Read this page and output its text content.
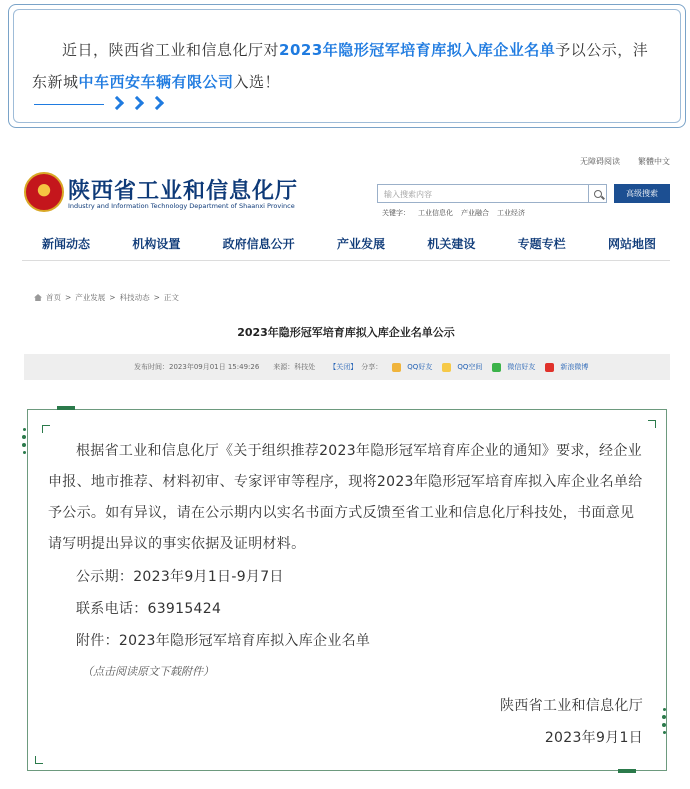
近日，陕西省工业和信息化厅对2023年隐形冠军培育库拟入库企业名单予以公示，沣东新城中车西安车辆有限公司入选！
无障碍阅读 繁體中文
陕西省工业和信息化厅
Industry and Information Technology Department of Shaanxi Province
输入搜索内容	高级搜索
关键字： 工业信息化 产业融合 工业经济
新闻动态	机构设置	政府信息公开	产业发展	机关建设	专题专栏	网站地图
首页 > 产业发展 > 科技动态 > 正文
2023年隐形冠军培育库拟入库企业名单公示
发布时间：2023年09月01日 15:49:26 来源：科技处 【关闭】 分享：	QQ好友	QQ空间	微信好友	新浪微博
根据省工业和信息化厅《关于组织推荐2023年隐形冠军培育库企业的通知》要求，经企业申报、地市推荐、材料初审、专家评审等程序，现将2023年隐形冠军培育库拟入库企业名单给予公示。如有异议，请在公示期内以实名书面方式反馈至省工业和信息化厅科技处，书面意见请写明提出异议的事实依据及证明材料。
公示期：2023年9月1日-9月7日
联系电话：63915424
附件：2023年隐形冠军培育库拟入库企业名单
（点击阅读原文下载附件）
陕西省工业和信息化厅
2023年9月1日
